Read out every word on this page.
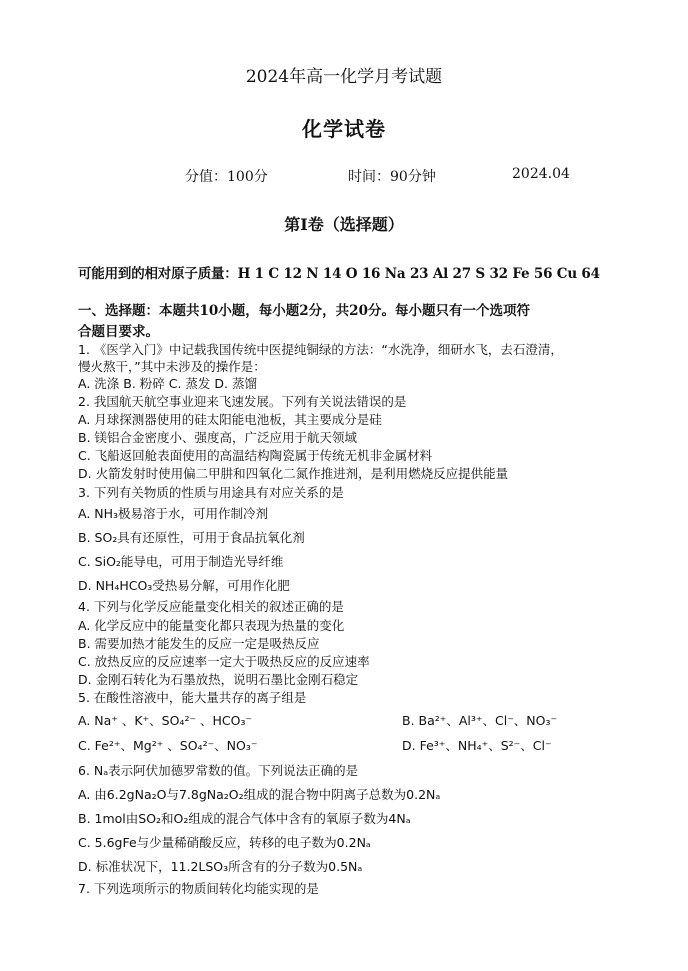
2024年高一化学月考试题
化学试卷
分值：100分	时间：90分钟	2024.04
第I卷（选择题）
可能用到的相对原子质量：H 1 C 12 N 14 O 16 Na 23 Al 27 S 32 Fe 56 Cu 64
一、选择题：本题共10小题，每小题2分，共20分。每小题只有一个选项符
合题目要求。
1. 《医学入门》中记载我国传统中医提纯铜绿的方法：“水洗净，细研水飞，去石澄清，
慢火熬干，”其中未涉及的操作是：
A. 洗涤 B. 粉碎 C. 蒸发 D. 蒸馏
2. 我国航天航空事业迎来飞速发展。下列有关说法错误的是
A. 月球探测器使用的硅太阳能电池板，其主要成分是硅
B. 镁铝合金密度小、强度高，广泛应用于航天领域
C. 飞船返回舱表面使用的高温结构陶瓷属于传统无机非金属材料
D. 火箭发射时使用偏二甲肼和四氧化二氮作推进剂，是利用燃烧反应提供能量
3. 下列有关物质的性质与用途具有对应关系的是
A. NH₃极易溶于水，可用作制冷剂
B. SO₂具有还原性，可用于食品抗氧化剂
C. SiO₂能导电，可用于制造光导纤维
D. NH₄HCO₃受热易分解，可用作化肥
4. 下列与化学反应能量变化相关的叙述正确的是
A. 化学反应中的能量变化都只表现为热量的变化
B. 需要加热才能发生的反应一定是吸热反应
C. 放热反应的反应速率一定大于吸热反应的反应速率
D. 金刚石转化为石墨放热，说明石墨比金刚石稳定
5. 在酸性溶液中，能大量共存的离子组是
A. Na⁺ 、K⁺、SO₄²⁻ 、HCO₃⁻	B. Ba²⁺、Al³⁺、Cl⁻、NO₃⁻
C. Fe²⁺、Mg²⁺ 、SO₄²⁻、NO₃⁻	D. Fe³⁺、NH₄⁺、S²⁻、Cl⁻
6. Nₐ表示阿伏加德罗常数的值。下列说法正确的是
A. 由6.2gNa₂O与7.8gNa₂O₂组成的混合物中阴离子总数为0.2Nₐ
B. 1mol由SO₂和O₂组成的混合气体中含有的氧原子数为4Nₐ
C. 5.6gFe与少量稀硝酸反应，转移的电子数为0.2Nₐ
D. 标准状况下，11.2LSO₃所含有的分子数为0.5Nₐ
7. 下列选项所示的物质间转化均能实现的是
